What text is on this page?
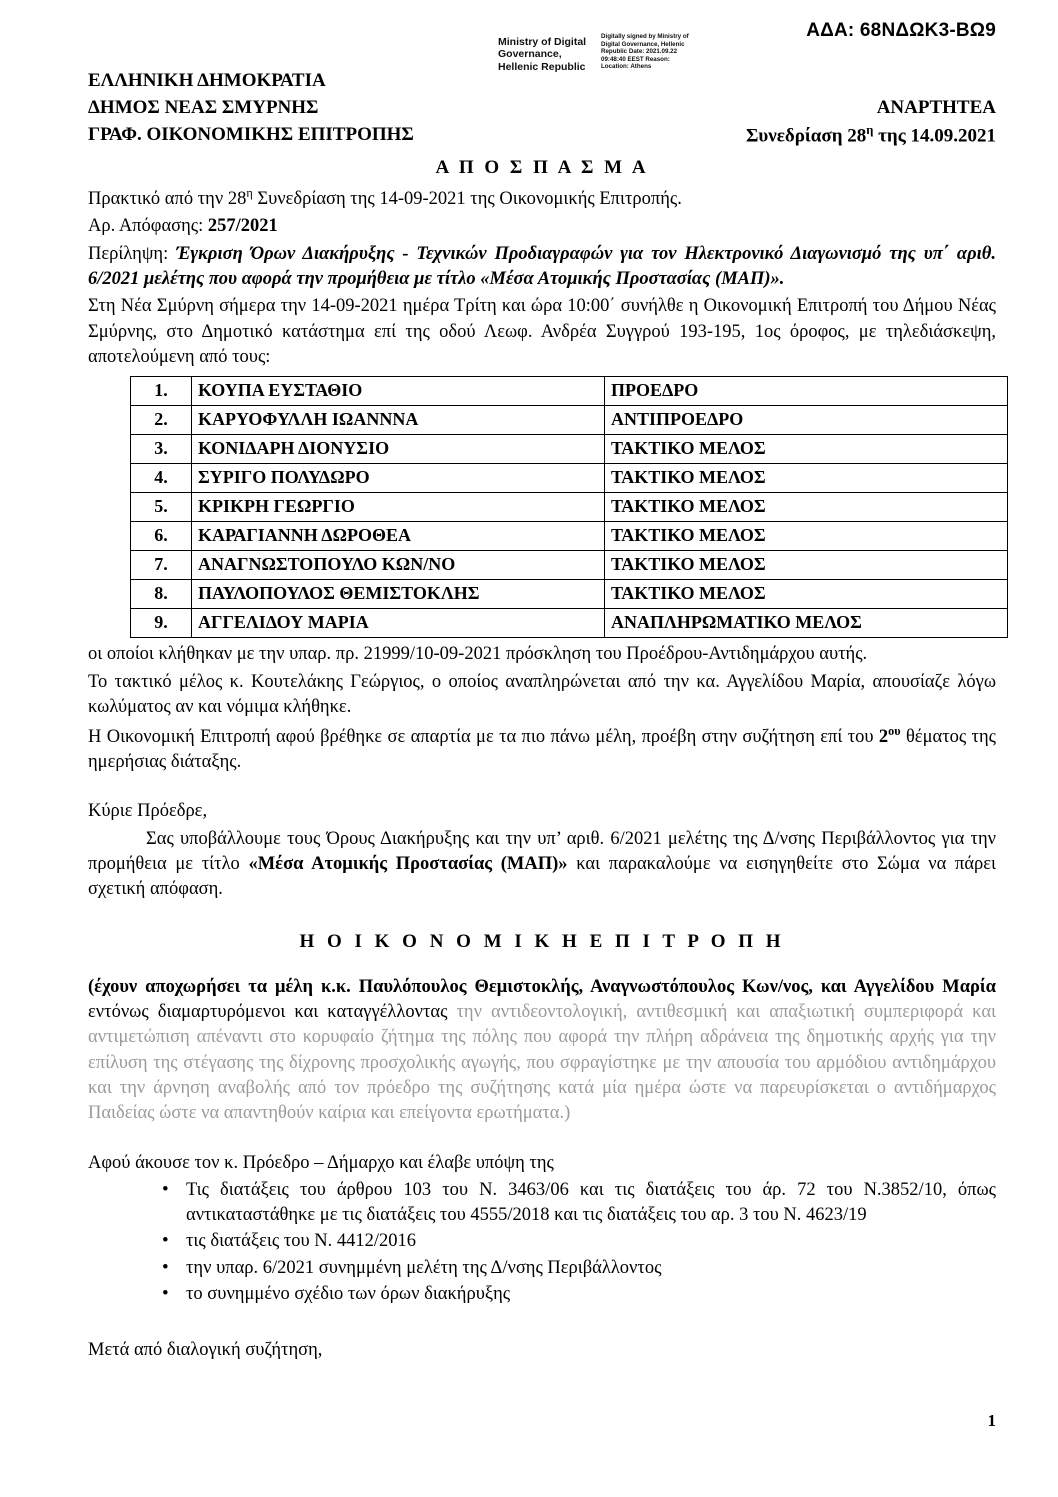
ΑΔΑ: 68ΝΔΩΚ3-ΒΩ9
Ministry of Digital Governance, Hellenic Republic
Digitally signed by Ministry of Digital Governance, Hellenic Republic Date: 2021.09.22 09:48:40 EEST Reason: Location: Athens
ΕΛΛΗΝΙΚΗ ΔΗΜΟΚΡΑΤΙΑ
ΔΗΜΟΣ ΝΕΑΣ ΣΜΥΡΝΗΣ
ΓΡΑΦ. ΟΙΚΟΝΟΜΙΚΗΣ ΕΠΙΤΡΟΠΗΣ
ΑΝΑΡΤΗΤΕΑ
Συνεδρίαση $28^\eta$ της 14.09.2021
Α Π Ο Σ Π Α Σ Μ Α

Πρακτικό από την $28^\eta$ Συνεδρίαση της 14-09-2021 της Οικονομικής Επιτροπής.

Αρ. Απόφασης: 257/2021

Περίληψη: Έγκριση Όρων Διακήρυξης - Τεχνικών Προδιαγραφών για τον Ηλεκτρονικό Διαγωνισμό της υπ΄ αριθ. 6/2021 μελέτης που αφορά την προμήθεια με τίτλο «Μέσα Ατομικής Προστασίας (ΜΑΠ)».

Στη Νέα Σμύρνη σήμερα την 14-09-2021 ημέρα Τρίτη και ώρα 10:00΄ συνήλθε η Οικονομική Επιτροπή του Δήμου Νέας Σμύρνης, στο Δημοτικό κατάστημα επί της οδού Λεωφ. Ανδρέα Συγγρού 193-195, 1ος όροφος, με τηλεδιάσκεψη, αποτελούμενη από τους:

1.	ΚΟΥΠΑ ΕΥΣΤΑΘΙΟ	ΠΡΟΕΔΡΟ
2.	ΚΑΡΥΟΦΥΛΛΗ ΙΩΑΝΝΝΑ	ΑΝΤΙΠΡΟΕΔΡΟ
3.	ΚΟΝΙΔΑΡΗ ΔΙΟΝΥΣΙΟ	ΤΑΚΤΙΚΟ ΜΕΛΟΣ
4.	ΣΥΡΙΓΟ ΠΟΛΥΔΩΡΟ	ΤΑΚΤΙΚΟ ΜΕΛΟΣ
5.	ΚΡΙΚΡΗ ΓΕΩΡΓΙΟ	ΤΑΚΤΙΚΟ ΜΕΛΟΣ
6.	ΚΑΡΑΓΙΑΝΝΗ ΔΩΡΟΘΕΑ	ΤΑΚΤΙΚΟ ΜΕΛΟΣ
7.	ΑΝΑΓΝΩΣΤΟΠΟΥΛΟ ΚΩΝ/ΝΟ	ΤΑΚΤΙΚΟ ΜΕΛΟΣ
8.	ΠΑΥΛΟΠΟΥΛΟΣ ΘΕΜΙΣΤΟΚΛΗΣ	ΤΑΚΤΙΚΟ ΜΕΛΟΣ
9.	ΑΓΓΕΛΙΔΟΥ ΜΑΡΙΑ	ΑΝΑΠΛΗΡΩΜΑΤΙΚΟ ΜΕΛΟΣ

οι οποίοι κλήθηκαν με την υπαρ. πρ. 21999/10-09-2021 πρόσκληση του Προέδρου-Αντιδημάρχου αυτής.

Το τακτικό μέλος κ. Κουτελάκης Γεώργιος, ο οποίος αναπληρώνεται από την κα. Αγγελίδου Μαρία, απουσίαζε λόγω κωλύματος αν και νόμιμα κλήθηκε.

Η Οικονομική Επιτροπή αφού βρέθηκε σε απαρτία με τα πιο πάνω μέλη, προέβη στην συζήτηση επί του $2^{o\upsilon}$ θέματος της ημερήσιας διάταξης.

Κύριε Πρόεδρε,

Σας υποβάλλουμε τους Όρους Διακήρυξης και την υπ’ αριθ. 6/2021 μελέτης της Δ/νσης Περιβάλλοντος για την προμήθεια με τίτλο «Μέσα Ατομικής Προστασίας (ΜΑΠ)» και παρακαλούμε να εισηγηθείτε στο Σώμα να πάρει σχετική απόφαση.

Η Ο Ι Κ Ο Ν Ο Μ Ι Κ Η Ε Π Ι Τ Ρ Ο Π Η

(έχουν αποχωρήσει τα μέλη κ.κ. Παυλόπουλος Θεμιστοκλής, Αναγνωστόπουλος Κων/νος, και Αγγελίδου Μαρία εντόνως διαμαρτυρόμενοι και καταγγέλλοντας την αντιδεοντολογική, αντιθεσμική και απαξιωτική συμπεριφορά και αντιμετώπιση απέναντι στο κορυφαίο ζήτημα της πόλης που αφορά την πλήρη αδράνεια της δημοτικής αρχής για την επίλυση της στέγασης της δίχρονης προσχολικής αγωγής, που σφραγίστηκε με την απουσία του αρμόδιου αντιδημάρχου και την άρνηση αναβολής από τον πρόεδρο της συζήτησης κατά μία ημέρα ώστε να παρευρίσκεται ο αντιδήμαρχος Παιδείας ώστε να απαντηθούν καίρια και επείγοντα ερωτήματα.)

Αφού άκουσε τον κ. Πρόεδρο – Δήμαρχο και έλαβε υπόψη της

• Τις διατάξεις του άρθρου 103 του Ν. 3463/06 και τις διατάξεις του άρ. 72 του Ν.3852/10, όπως αντικαταστάθηκε με τις διατάξεις του 4555/2018 και τις διατάξεις του αρ. 3 του Ν. 4623/19
• τις διατάξεις του Ν. 4412/2016
• την υπαρ. 6/2021 συνημμένη μελέτη της Δ/νσης Περιβάλλοντος
• το συνημμένο σχέδιο των όρων διακήρυξης

Μετά από διαλογική συζήτηση,

1
